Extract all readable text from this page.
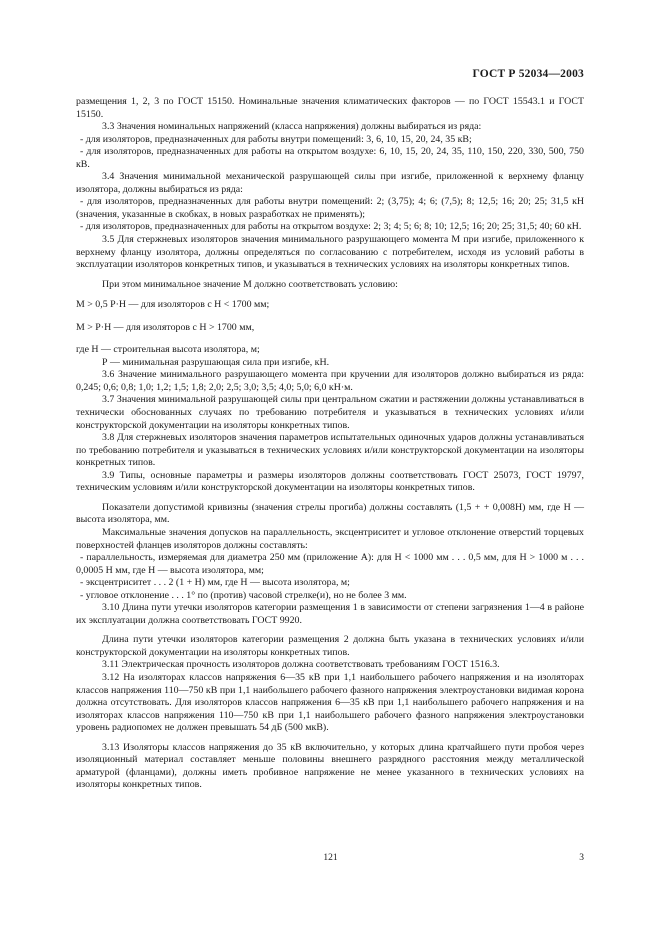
ГОСТ Р 52034—2003

размещения 1, 2, 3 по ГОСТ 15150. Номинальные значения климатических факторов — по ГОСТ 15543.1 и ГОСТ 15150.

3.3 Значения номинальных напряжений (класса напряжения) должны выбираться из ряда:

- для изоляторов, предназначенных для работы внутри помещений: 3, 6, 10, 15, 20, 24, 35 кВ;

- для изоляторов, предназначенных для работы на открытом воздухе: 6, 10, 15, 20, 24, 35, 110, 150, 220, 330, 500, 750 кВ.

3.4 Значения минимальной механической разрушающей силы при изгибе, приложенной к верхнему фланцу изолятора, должны выбираться из ряда:

- для изоляторов, предназначенных для работы внутри помещений: 2; (3,75); 4; 6; (7,5); 8; 12,5; 16; 20; 25; 31,5 кН (значения, указанные в скобках, в новых разработках не применять);

- для изоляторов, предназначенных для работы на открытом воздухе: 2; 3; 4; 5; 6; 8; 10; 12,5; 16; 20; 25; 31,5; 40; 60 кН.

3.5 Для стержневых изоляторов значения минимального разрушающего момента М при изгибе, приложенного к верхнему фланцу изолятора, должны определяться по согласованию с потребителем, исходя из условий работы в эксплуатации изоляторов конкретных типов, и указываться в технических условиях на изоляторы конкретных типов.

При этом минимальное значение М должно соответствовать условию:

М > 0,5 Р·Н — для изоляторов с Н < 1700 мм;

М > Р·Н — для изоляторов с Н > 1700 мм,

где Н — строительная высота изолятора, м;

Р — минимальная разрушающая сила при изгибе, кН.

3.6 Значение минимального разрушающего момента при кручении для изоляторов должно выбираться из ряда: 0,245; 0,6; 0,8; 1,0; 1,2; 1,5; 1,8; 2,0; 2,5; 3,0; 3,5; 4,0; 5,0; 6,0 кН·м.

3.7 Значения минимальной разрушающей силы при центральном сжатии и растяжении должны устанавливаться в технически обоснованных случаях по требованию потребителя и указываться в технических условиях и/или конструкторской документации на изоляторы конкретных типов.

3.8 Для стержневых изоляторов значения параметров испытательных одиночных ударов должны устанавливаться по требованию потребителя и указываться в технических условиях и/или конструкторской документации на изоляторы конкретных типов.

3.9 Типы, основные параметры и размеры изоляторов должны соответствовать ГОСТ 25073, ГОСТ 19797, техническим условиям и/или конструкторской документации на изоляторы конкретных типов.

Показатели допустимой кривизны (значения стрелы прогиба) должны составлять (1,5 + + 0,008Н) мм, где Н — высота изолятора, мм.

Максимальные значения допусков на параллельность, эксцентриситет и угловое отклонение отверстий торцевых поверхностей фланцев изоляторов должны составлять:

- параллельность, измеряемая для диаметра 250 мм (приложение А): для Н < 1000 мм . . . 0,5 мм, для Н > 1000 м . . . 0,0005 Н мм, где Н — высота изолятора, мм;

- эксцентриситет . . . 2 (1 + Н) мм, где Н — высота изолятора, м;

- угловое отклонение . . . 1° по (против) часовой стрелке(и), но не более 3 мм.

3.10 Длина пути утечки изоляторов категории размещения 1 в зависимости от степени загрязнения 1—4 в районе их эксплуатации должна соответствовать ГОСТ 9920.

Длина пути утечки изоляторов категории размещения 2 должна быть указана в технических условиях и/или конструкторской документации на изоляторы конкретных типов.

3.11 Электрическая прочность изоляторов должна соответствовать требованиям ГОСТ 1516.3.

3.12 На изоляторах классов напряжения 6—35 кВ при 1,1 наибольшего рабочего напряжения и на изоляторах классов напряжения 110—750 кВ при 1,1 наибольшего рабочего фазного напряжения электроустановки видимая корона должна отсутствовать. Для изоляторов классов напряжения 6—35 кВ при 1,1 наибольшего рабочего напряжения и на изоляторах классов напряжения 110—750 кВ при 1,1 наибольшего рабочего фазного напряжения электроустановки уровень радиопомех не должен превышать 54 дБ (500 мкВ).

3.13 Изоляторы классов напряжения до 35 кВ включительно, у которых длина кратчайшего пути пробоя через изоляционный материал составляет меньше половины внешнего разрядного расстояния между металлической арматурой (фланцами), должны иметь пробивное напряжение не менее указанного в технических условиях на изоляторы конкретных типов.

121	3
